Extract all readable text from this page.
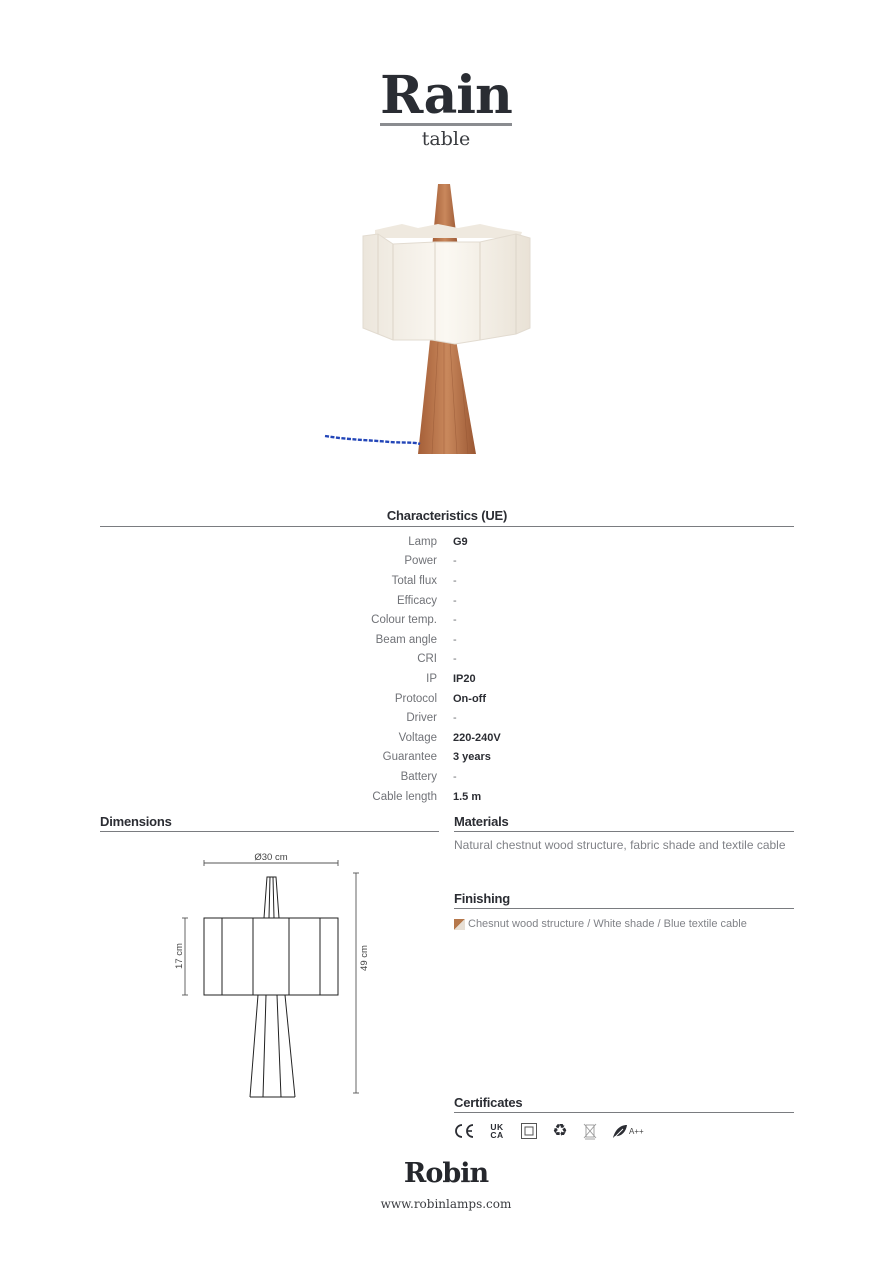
Rain
table
Characteristics (UE)
Lamp G9
Power -
Total flux -
Efficacy -
Colour temp. -
Beam angle -
CRI -
IP IP20
Protocol On-off
Driver -
Voltage 220-240V
Guarantee 3 years
Battery -
Cable length 1.5 m
Dimensions
Ø30 cm
49 cm
17 cm
Materials
Natural chestnut wood structure, fabric shade and textile cable
Finishing
Chesnut wood structure / White shade / Blue textile cable
Certificates
UK
CA	♻	A++
Robin
www.robinlamps.com
